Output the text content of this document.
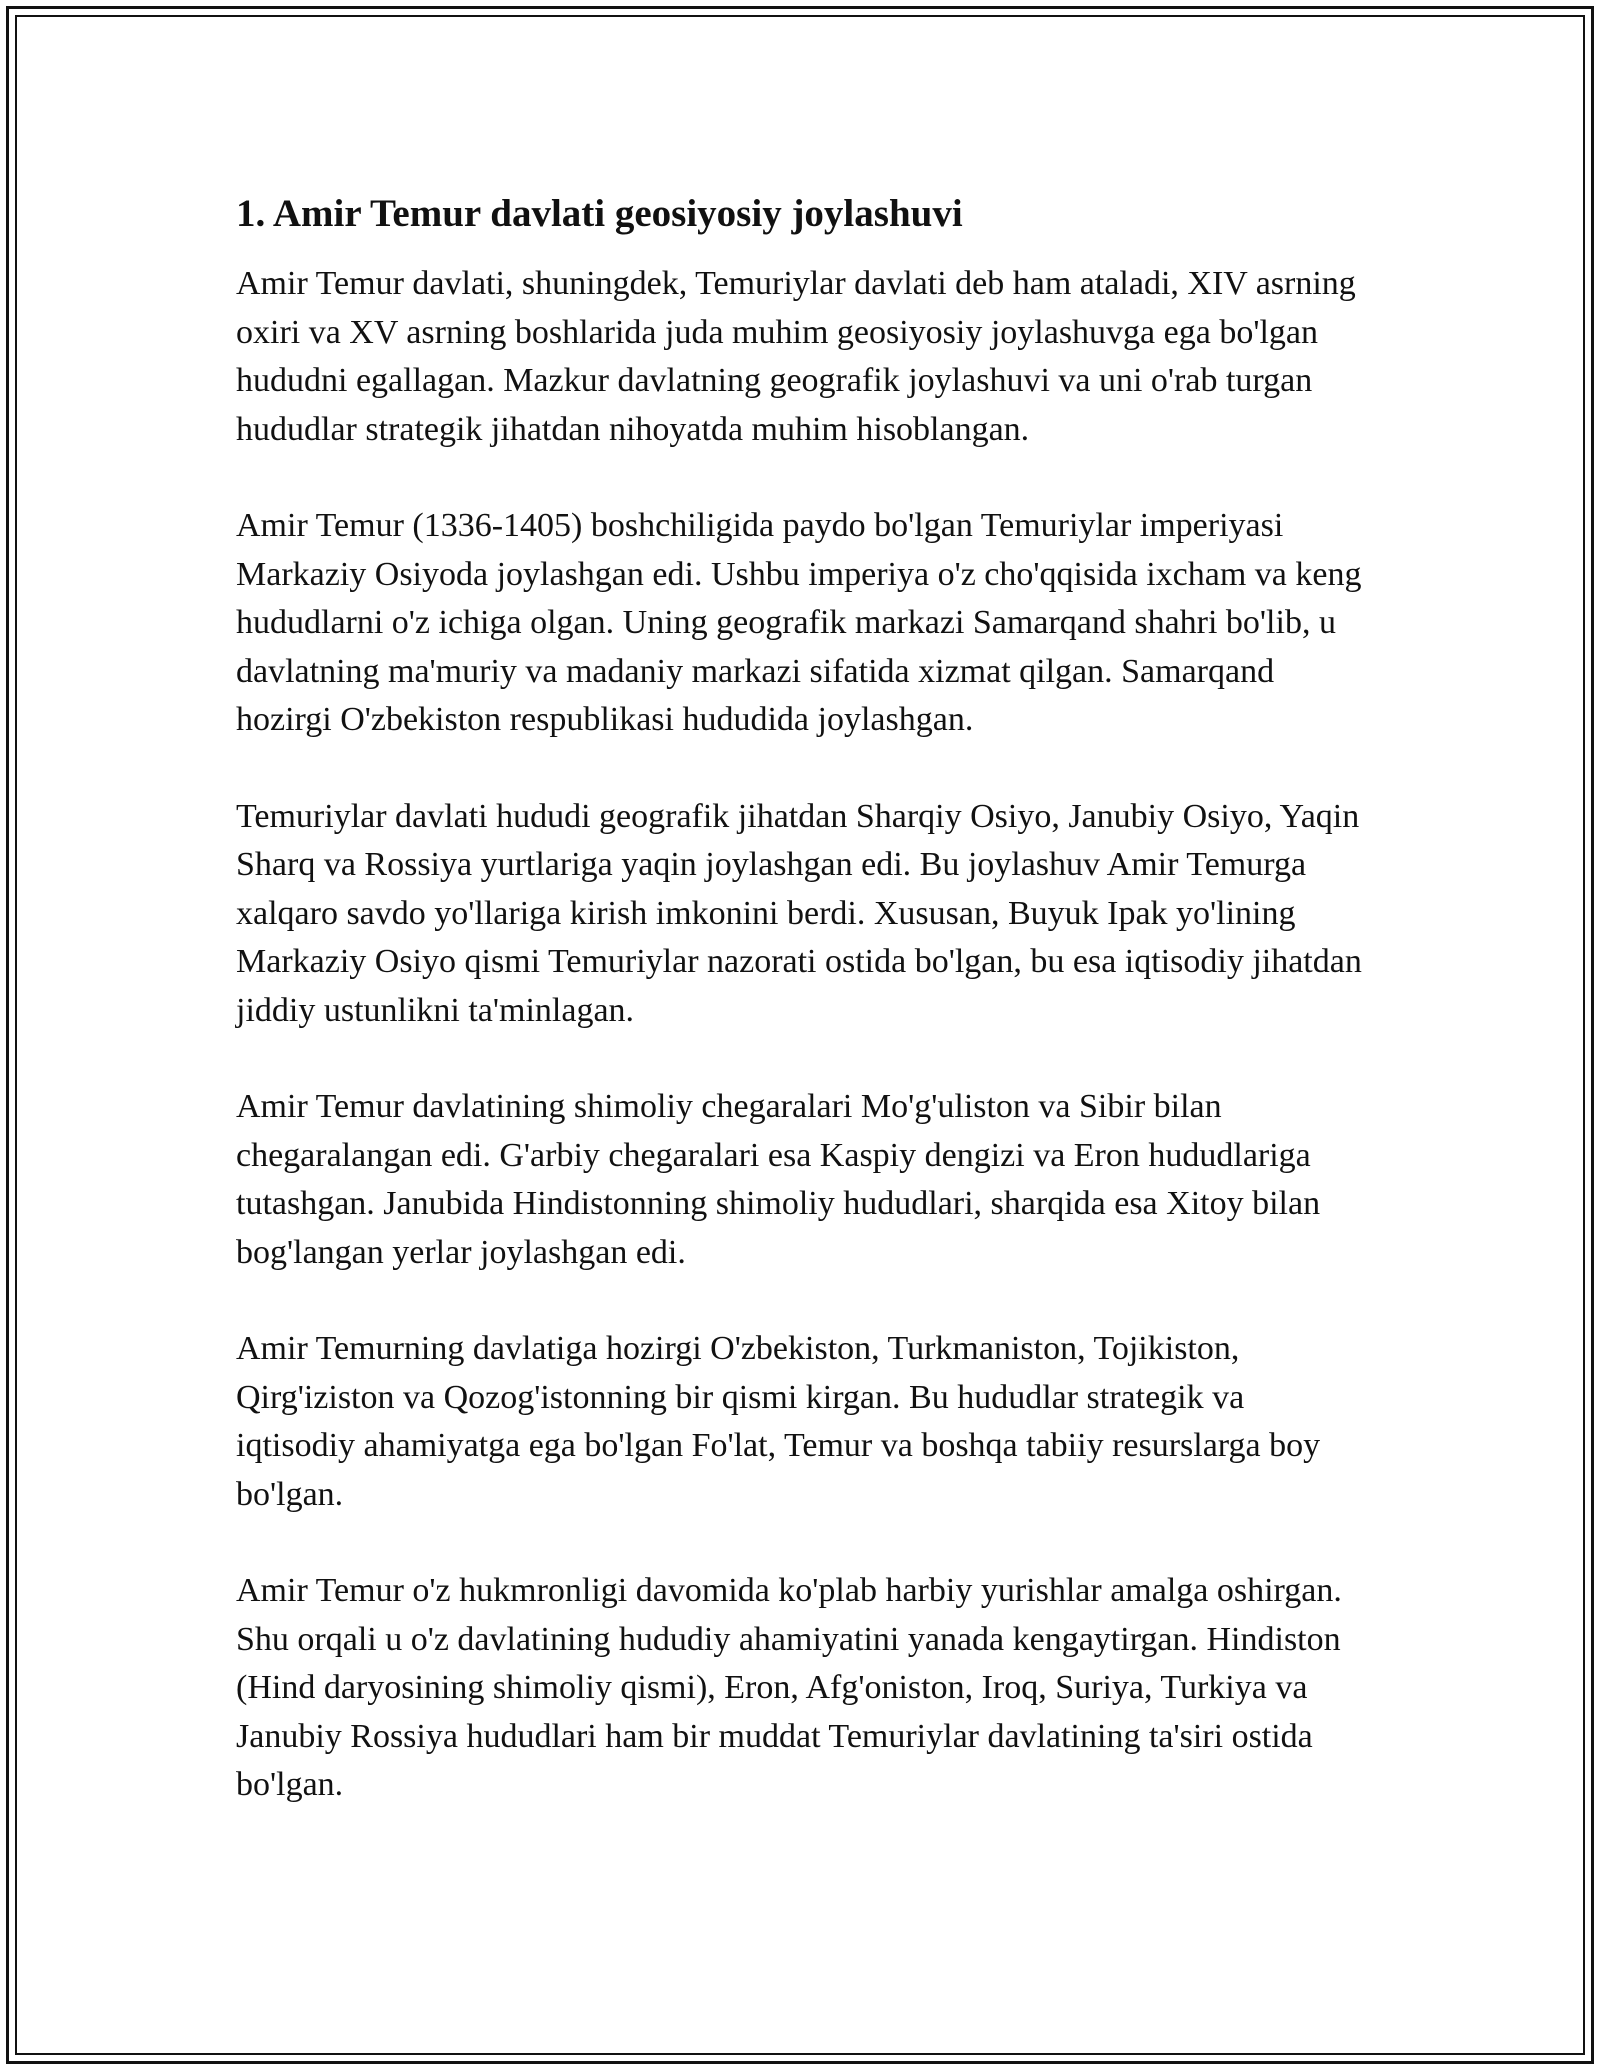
1. Amir Temur davlati geosiyosiy joylashuvi

Amir Temur davlati, shuningdek, Temuriylar davlati deb ham ataladi, XIV asrning oxiri va XV asrning boshlarida juda muhim geosiyosiy joylashuvga ega bo'lgan hududni egallagan. Mazkur davlatning geografik joylashuvi va uni o'rab turgan hududlar strategik jihatdan nihoyatda muhim hisoblangan.

Amir Temur (1336-1405) boshchiligida paydo bo'lgan Temuriylar imperiyasi Markaziy Osiyoda joylashgan edi. Ushbu imperiya o'z cho'qqisida ixcham va keng hududlarni o'z ichiga olgan. Uning geografik markazi Samarqand shahri bo'lib, u davlatning ma'muriy va madaniy markazi sifatida xizmat qilgan. Samarqand hozirgi O'zbekiston respublikasi hududida joylashgan.

Temuriylar davlati hududi geografik jihatdan Sharqiy Osiyo, Janubiy Osiyo, Yaqin Sharq va Rossiya yurtlariga yaqin joylashgan edi. Bu joylashuv Amir Temurga xalqaro savdo yo'llariga kirish imkonini berdi. Xususan, Buyuk Ipak yo'lining Markaziy Osiyo qismi Temuriylar nazorati ostida bo'lgan, bu esa iqtisodiy jihatdan jiddiy ustunlikni ta'minlagan.

Amir Temur davlatining shimoliy chegaralari Mo'g'uliston va Sibir bilan chegaralangan edi. G'arbiy chegaralari esa Kaspiy dengizi va Eron hududlariga tutashgan. Janubida Hindistonning shimoliy hududlari, sharqida esa Xitoy bilan bog'langan yerlar joylashgan edi.

Amir Temurning davlatiga hozirgi O'zbekiston, Turkmaniston, Tojikiston, Qirg'iziston va Qozog'istonning bir qismi kirgan. Bu hududlar strategik va iqtisodiy ahamiyatga ega bo'lgan Fo'lat, Temur va boshqa tabiiy resurslarga boy bo'lgan.

Amir Temur o'z hukmronligi davomida ko'plab harbiy yurishlar amalga oshirgan. Shu orqali u o'z davlatining hududiy ahamiyatini yanada kengaytirgan. Hindiston (Hind daryosining shimoliy qismi), Eron, Afg'oniston, Iroq, Suriya, Turkiya va Janubiy Rossiya hududlari ham bir muddat Temuriylar davlatining ta'siri ostida bo'lgan.
